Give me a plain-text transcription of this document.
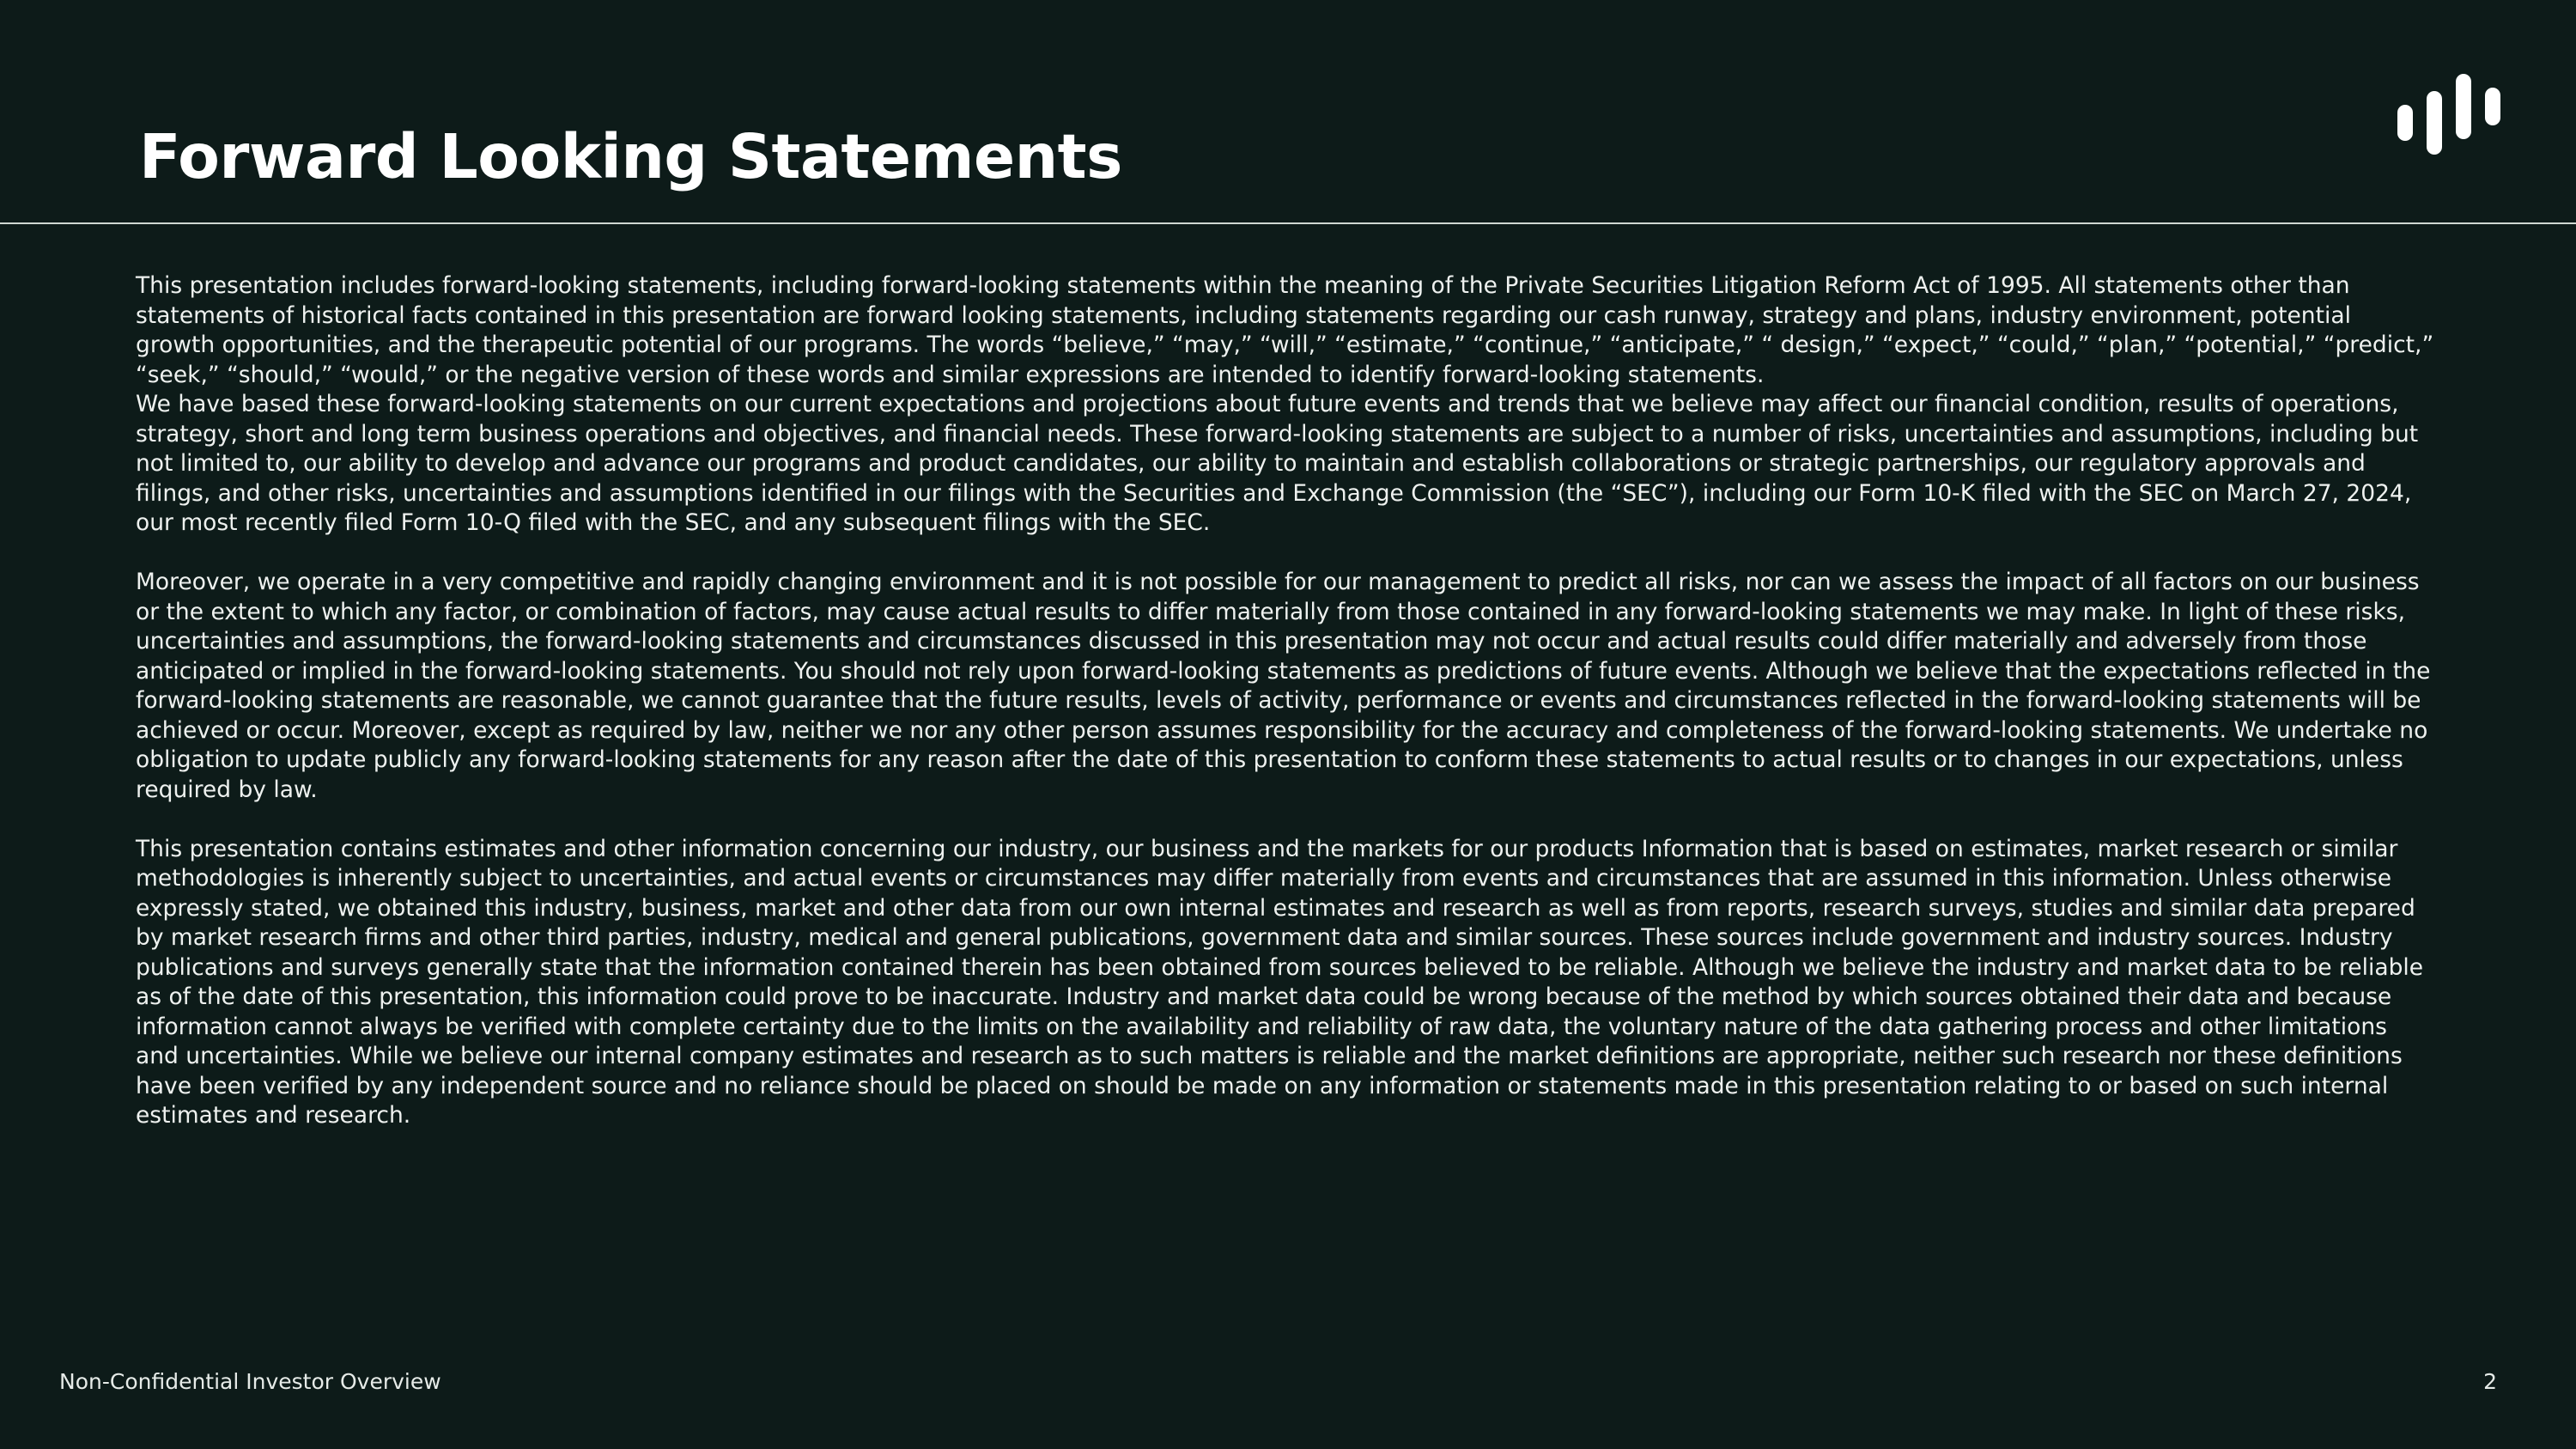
Forward Looking Statements

This presentation includes forward-looking statements, including forward-looking statements within the meaning of the Private Securities Litigation Reform Act of 1995. All statements other than statements of historical facts contained in this presentation are forward looking statements, including statements regarding our cash runway, strategy and plans, industry environment, potential growth opportunities, and the therapeutic potential of our programs. The words “believe,” “may,” “will,” “estimate,” “continue,” “anticipate,” “ design,” “expect,” “could,” “plan,” “potential,” “predict,” “seek,” “should,” “would,” or the negative version of these words and similar expressions are intended to identify forward-looking statements.

We have based these forward-looking statements on our current expectations and projections about future events and trends that we believe may affect our financial condition, results of operations, strategy, short and long term business operations and objectives, and financial needs. These forward-looking statements are subject to a number of risks, uncertainties and assumptions, including but not limited to, our ability to develop and advance our programs and product candidates, our ability to maintain and establish collaborations or strategic partnerships, our regulatory approvals and filings, and other risks, uncertainties and assumptions identified in our filings with the Securities and Exchange Commission (the “SEC”), including our Form 10-K filed with the SEC on March 27, 2024, our most recently filed Form 10-Q filed with the SEC, and any subsequent filings with the SEC.

Moreover, we operate in a very competitive and rapidly changing environment and it is not possible for our management to predict all risks, nor can we assess the impact of all factors on our business or the extent to which any factor, or combination of factors, may cause actual results to differ materially from those contained in any forward-looking statements we may make. In light of these risks, uncertainties and assumptions, the forward-looking statements and circumstances discussed in this presentation may not occur and actual results could differ materially and adversely from those anticipated or implied in the forward-looking statements. You should not rely upon forward-looking statements as predictions of future events. Although we believe that the expectations reflected in the forward-looking statements are reasonable, we cannot guarantee that the future results, levels of activity, performance or events and circumstances reflected in the forward-looking statements will be achieved or occur. Moreover, except as required by law, neither we nor any other person assumes responsibility for the accuracy and completeness of the forward-looking statements. We undertake no obligation to update publicly any forward-looking statements for any reason after the date of this presentation to conform these statements to actual results or to changes in our expectations, unless required by law.

This presentation contains estimates and other information concerning our industry, our business and the markets for our products Information that is based on estimates, market research or similar methodologies is inherently subject to uncertainties, and actual events or circumstances may differ materially from events and circumstances that are assumed in this information. Unless otherwise expressly stated, we obtained this industry, business, market and other data from our own internal estimates and research as well as from reports, research surveys, studies and similar data prepared by market research firms and other third parties, industry, medical and general publications, government data and similar sources. These sources include government and industry sources. Industry publications and surveys generally state that the information contained therein has been obtained from sources believed to be reliable. Although we believe the industry and market data to be reliable as of the date of this presentation, this information could prove to be inaccurate. Industry and market data could be wrong because of the method by which sources obtained their data and because information cannot always be verified with complete certainty due to the limits on the availability and reliability of raw data, the voluntary nature of the data gathering process and other limitations and uncertainties. While we believe our internal company estimates and research as to such matters is reliable and the market definitions are appropriate, neither such research nor these definitions have been verified by any independent source and no reliance should be placed on should be made on any information or statements made in this presentation relating to or based on such internal estimates and research.

Non-Confidential Investor Overview	2
